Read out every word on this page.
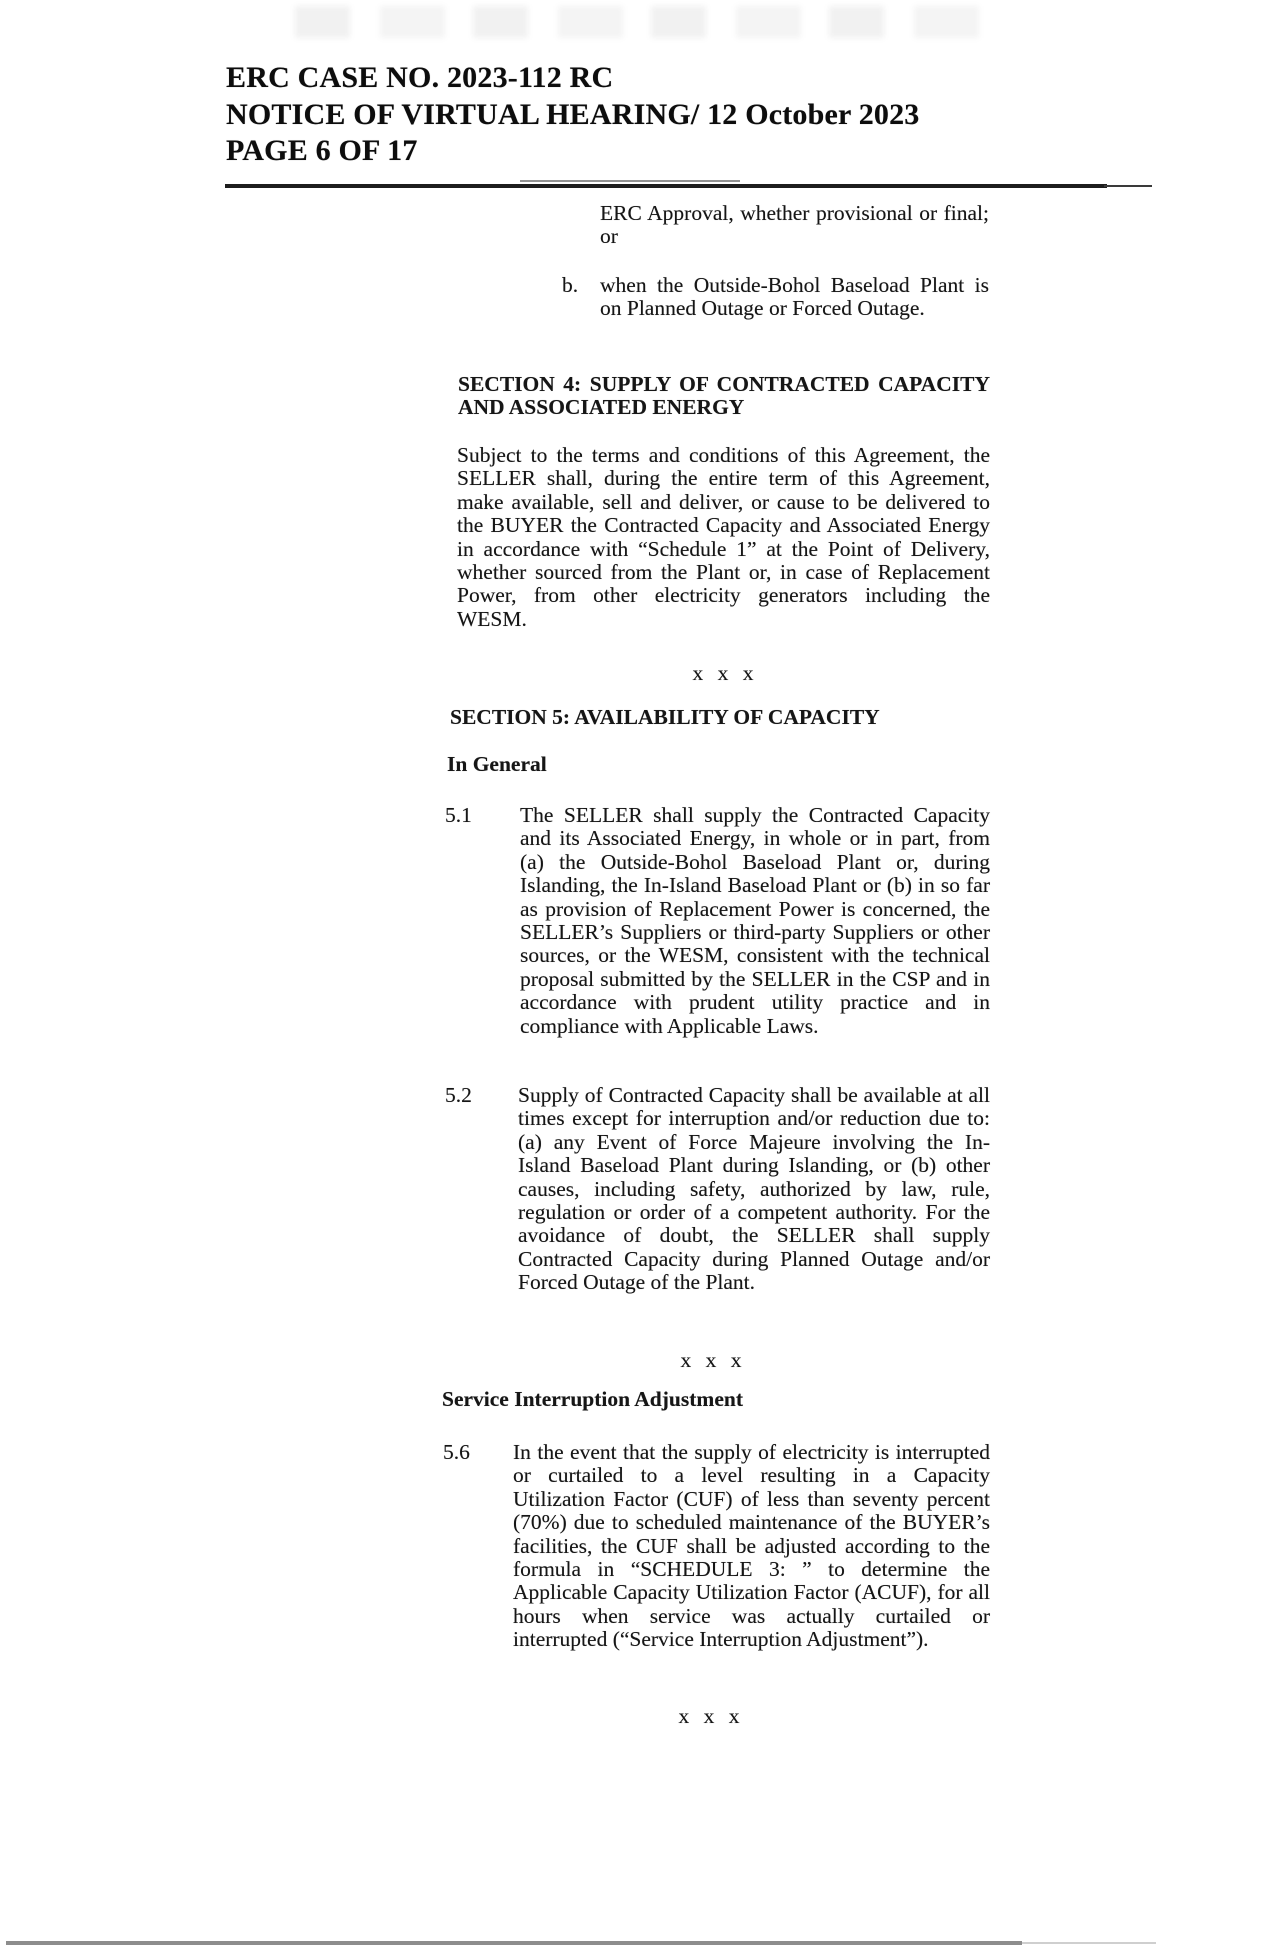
ERC CASE NO. 2023-112 RC
NOTICE OF VIRTUAL HEARING/ 12 October 2023
PAGE 6 OF 17
ERC Approval, whether provisional or final; or
b. when the Outside-Bohol Baseload Plant is on Planned Outage or Forced Outage.
SECTION 4: SUPPLY OF CONTRACTED CAPACITY AND ASSOCIATED ENERGY
Subject to the terms and conditions of this Agreement, the SELLER shall, during the entire term of this Agreement, make available, sell and deliver, or cause to be delivered to the BUYER the Contracted Capacity and Associated Energy in accordance with “Schedule 1” at the Point of Delivery, whether sourced from the Plant or, in case of Replacement Power, from other electricity generators including the WESM.
x x x
SECTION 5: AVAILABILITY OF CAPACITY
In General
5.1 The SELLER shall supply the Contracted Capacity and its Associated Energy, in whole or in part, from (a) the Outside-Bohol Baseload Plant or, during Islanding, the In-Island Baseload Plant or (b) in so far as provision of Replacement Power is concerned, the SELLER’s Suppliers or third-party Suppliers or other sources, or the WESM, consistent with the technical proposal submitted by the SELLER in the CSP and in accordance with prudent utility practice and in compliance with Applicable Laws.
5.2 Supply of Contracted Capacity shall be available at all times except for interruption and/or reduction due to: (a) any Event of Force Majeure involving the In-Island Baseload Plant during Islanding, or (b) other causes, including safety, authorized by law, rule, regulation or order of a competent authority. For the avoidance of doubt, the SELLER shall supply Contracted Capacity during Planned Outage and/or Forced Outage of the Plant.
x x x
Service Interruption Adjustment
5.6 In the event that the supply of electricity is interrupted or curtailed to a level resulting in a Capacity Utilization Factor (CUF) of less than seventy percent (70%) due to scheduled maintenance of the BUYER’s facilities, the CUF shall be adjusted according to the formula in “SCHEDULE 3: ” to determine the Applicable Capacity Utilization Factor (ACUF), for all hours when service was actually curtailed or interrupted (“Service Interruption Adjustment”).
x x x
